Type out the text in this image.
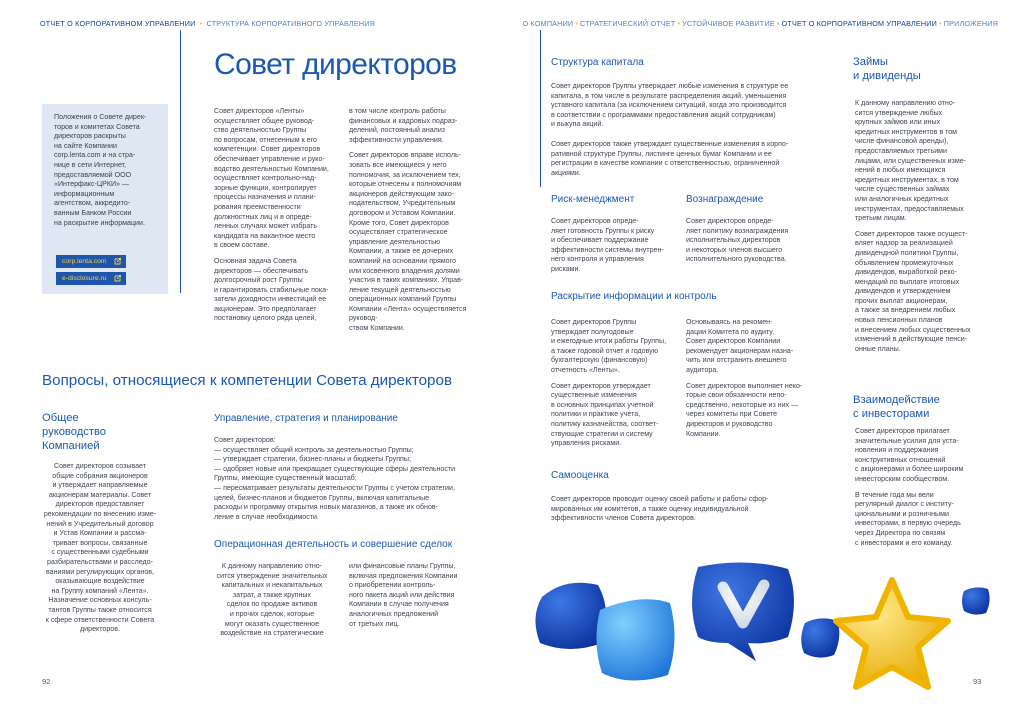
ОТЧЕТ О КОРПОРАТИВНОМ УПРАВЛЕНИИ • СТРУКТУРА КОРПОРАТИВНОГО УПРАВЛЕНИЯ	О КОМПАНИИ • СТРАТЕГИЧЕСКИЙ ОТЧЕТ • УСТОЙЧИВОЕ РАЗВИТИЕ • ОТЧЕТ О КОРПОРАТИВНОМ УПРАВЛЕНИИ • ПРИЛОЖЕНИЯ
Совет директоров

Положения о Совете дирек-
торов и комитетах Совета
директоров раскрыты
на сайте Компании
corp.lenta.com и на стра-
нице в сети Интернет,
предоставляемой ООО
«Интерфакс-ЦРКИ» —
информационным
агентством, аккредито-
ванным Банком России
на раскрытие информации.

corp.lenta.com
e-disclosure.ru

Совет директоров «Ленты»
осуществляет общее руковод-
ство деятельностью Группы
по вопросам, отнесенным к его
компетенции. Совет директоров
обеспечивает управление и руко-
водство деятельностью Компании,
осуществляет контрольно-над-
зорные функции, контролирует
процессы назначения и плани-
рования преемственности
должностных лиц и в опреде-
ленных случаях может избрать
кандидата на вакантное место
в своем составе.

Основная задача Совета
директоров — обеспечивать
долгосрочный рост Группы
и гарантировать стабильные пока-
затели доходности инвестиций ее
акционерам. Это предполагает
постановку целого ряда целей,

в том числе контроль работы
финансовых и кадровых подраз-
делений, постоянный анализ
эффективности управления.

Совет директоров вправе исполь-
зовать все имеющиеся у него
полномочия, за исключением тех,
которые отнесены к полномочиям
акционеров действующим зако-
нодательством, Учредительным
договором и Уставом Компании.
Кроме того, Совет директоров
осуществляет стратегическое
управление деятельностью
Компании, а также ее дочерних
компаний на основании прямого
или косвенного владения долями
участия в таких компаниях. Управ-
ление текущей деятельностью
операционных компаний Группы
Компании «Лента» осуществляется руковод-
ством Компании.

Вопросы, относящиеся к компетенции Совета директоров
Общее
руководство
Компанией

Совет директоров созывает
общие собрания акционеров
и утверждает направляемые
акционерам материалы. Совет
директоров предоставляет
рекомендации по внесению изме-
нений в Учредительный договор
и Устав Компании и рассма-
тривает вопросы, связанные
с существенными судебными
разбирательствами и расследо-
ваниями регулирующих органов,
оказывающие воздействие
на Группу компаний «Лента».
Назначение основных консуль-
тантов Группы также относится
к сфере ответственности Совета
директоров.

Управление, стратегия и планирование

Совет директоров:

— осуществляет общий контроль за деятельностью Группы;

— утверждает стратегии, бизнес-планы и бюджеты Группы;

— одобряет новые или прекращает существующие сферы деятельности
Группы, имеющие существенный масштаб;

— пересматривает результаты деятельности Группы с учетом стратегии,
целей, бизнес-планов и бюджетов Группы, включая капитальные
расходы и программу открытия новых магазинов, а также их обнов-
ление в случае необходимости.

Операционная деятельность и совершение сделок

К данному направлению отно-
сится утверждение значительных
капитальных и некапитальных
затрат, а также крупных
сделок по продаже активов
и прочих сделок, которые
могут оказать существенное
воздействие на стратегические

или финансовые планы Группы,
включая предложения Компании
о приобретении контроль-
ного пакета акций или действия
Компании в случае получения
аналогичных предложений
от третьих лиц.

92
Структура капитала

Совет директоров Группы утверждает любые изменения в структуре ее
капитала, в том числе в результате распределения акций, уменьшения
уставного капитала (за исключением ситуаций, когда это производится
в соответствии с программами предоставления акций сотрудникам)
и выкупа акций.

Совет директоров также утверждает существенные изменения в корпо-
ративной структуре Группы, листинге ценных бумаг Компании и ее
регистрации в качестве компании с ответственностью, ограниченной
акциями.

Риск-менеджмент

Совет директоров опреде-
ляет готовность Группы к риску
и обеспечивает поддержание
эффективности системы внутрен-
него контроля и управления
рисками.

Вознаграждение

Совет директоров опреде-
ляет политику вознаграждения
исполнительных директоров
и некоторых членов высшего
исполнительного руководства.

Раскрытие информации и контроль

Совет директоров Группы
утверждает полугодовые
и ежегодные итоги работы Группы,
а также годовой отчет и годовую
бухгалтерскую (финансовую)
отчетность «Ленты».

Совет директоров утверждает
существенные изменения
в основных принципах учетной
политики и практике учета,
политику казначейства, соответ-
ствующие стратегии и систему
управления рисками.

Основываясь на рекомен-
дации Комитета по аудиту,
Совет директоров Компании
рекомендует акционерам назна-
чить или отстранить внешнего
аудитора.

Совет директоров выполняет неко-
торые свои обязанности непо-
средственно, некоторые из них —
через комитеты при Совете
директоров и руководство
Компании.

Самооценка

Совет директоров проводит оценку своей работы и работы сфор-
мированных им комитетов, а также оценку индивидуальной
эффективности членов Совета директоров.

Займы
и дивиденды

К данному направлению отно-
сится утверждение любых
крупных займов или иных
кредитных инструментов в том
числе финансовой аренды),
предоставляемых третьими
лицами, или существенных изме-
нений в любых имеющихся
кредитных инструментах, в том
числе существенных займах
или аналогичных кредитных
инструментах, предоставляемых
третьим лицам.

Совет директоров также осущест-
вляет надзор за реализацией
дивидендной политики Группы,
объявлением промежуточных
дивидендов, выработкой реко-
мендаций по выплате итоговых
дивидендов и утверждением
прочих выплат акционерам,
а также за внедрением любых
новых пенсионных планов
и внесением любых существенных
изменений в действующие пенси-
онные планы.

Взаимодействие
с инвесторами

Совет директоров прилагает
значительные усилия для уста-
новления и поддержания
конструктивных отношений
с акционерами и более широким
инвесторским сообществом.

В течение года мы вели
регулярный диалог с институ-
циональными и розничными
инвесторами, в первую очередь
через Директора по связям
с инвесторами и его команду.

93
